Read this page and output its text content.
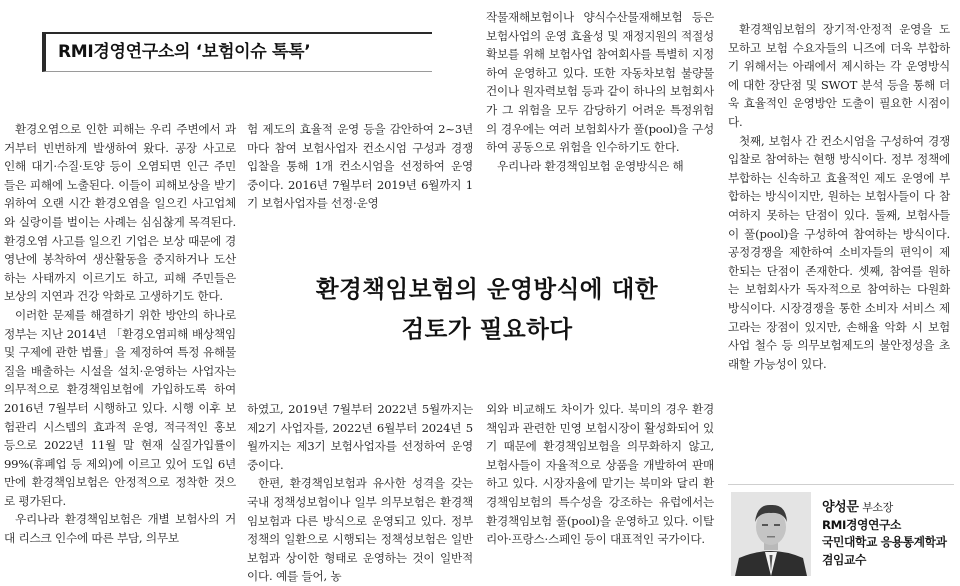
RMI경영연구소의 ‘보험이슈 톡톡’

환경오염으로 인한 피해는 우리 주변에서 과거부터 빈번하게 발생하여 왔다. 공장 사고로 인해 대기·수질·토양 등이 오염되면 인근 주민들은 피해에 노출된다. 이들이 피해보상을 받기 위하여 오랜 시간 환경오염을 일으킨 사고업체와 실랑이를 벌이는 사례는 심심찮게 목격된다. 환경오염 사고를 일으킨 기업은 보상 때문에 경영난에 봉착하여 생산활동을 중지하거나 도산하는 사태까지 이르기도 하고, 피해 주민들은 보상의 지연과 건강 악화로 고생하기도 한다.

이러한 문제를 해결하기 위한 방안의 하나로 정부는 지난 2014년 「환경오염피해 배상책임 및 구제에 관한 법률」을 제정하여 특정 유해물질을 배출하는 시설을 설치·운영하는 사업자는 의무적으로 환경책임보험에 가입하도록 하여 2016년 7월부터 시행하고 있다. 시행 이후 보험관리 시스템의 효과적 운영, 적극적인 홍보 등으로 2022년 11월 말 현재 실질가입률이 99%(휴폐업 등 제외)에 이르고 있어 도입 6년 만에 환경책임보험은 안정적으로 정착한 것으로 평가된다.

우리나라 환경책임보험은 개별 보험사의 거대 리스크 인수에 따른 부담, 의무보

험 제도의 효율적 운영 등을 감안하여 2~3년마다 참여 보험사업자 컨소시엄 구성과 경쟁입찰을 통해 1개 컨소시엄을 선정하여 운영 중이다. 2016년 7월부터 2019년 6월까지 1기 보험사업자를 선정·운영

작물재해보험이나 양식수산물재해보험 등은 보험사업의 운영 효율성 및 재정지원의 적절성 확보를 위해 보험사업 참여회사를 특별히 지정하여 운영하고 있다. 또한 자동차보험 불량물건이나 원자력보험 등과 같이 하나의 보험회사가 그 위험을 모두 감당하기 어려운 특정위험의 경우에는 여러 보험회사가 풀(pool)을 구성하여 공동으로 위험을 인수하기도 한다.

우리나라 환경책임보험 운영방식은 해

환경책임보험의 운영방식에 대한
검토가 필요하다

하였고, 2019년 7월부터 2022년 5월까지는 제2기 사업자를, 2022년 6월부터 2024년 5월까지는 제3기 보험사업자를 선정하여 운영 중이다.

한편, 환경책임보험과 유사한 성격을 갖는 국내 정책성보험이나 일부 의무보험은 환경책임보험과 다른 방식으로 운영되고 있다. 정부 정책의 일환으로 시행되는 정책성보험은 일반보험과 상이한 형태로 운영하는 것이 일반적이다. 예를 들어, 농

외와 비교해도 차이가 있다. 북미의 경우 환경책임과 관련한 민영 보험시장이 활성화되어 있기 때문에 환경책임보험을 의무화하지 않고, 보험사들이 자율적으로 상품을 개발하여 판매하고 있다. 시장자율에 맡기는 북미와 달리 환경책임보험의 특수성을 강조하는 유럽에서는 환경책임보험 풀(pool)을 운영하고 있다. 이탈리아·프랑스·스페인 등이 대표적인 국가이다.

환경책임보험의 장기적·안정적 운영을 도모하고 보험 수요자들의 니즈에 더욱 부합하기 위해서는 아래에서 제시하는 각 운영방식에 대한 장단점 및 SWOT 분석 등을 통해 더욱 효율적인 운영방안 도출이 필요한 시점이다.

첫째, 보험사 간 컨소시엄을 구성하여 경쟁입찰로 참여하는 현행 방식이다. 정부 정책에 부합하는 신속하고 효율적인 제도 운영에 부합하는 방식이지만, 원하는 보험사들이 다 참여하지 못하는 단점이 있다. 둘째, 보험사들이 풀(pool)을 구성하여 참여하는 방식이다. 공정경쟁을 제한하여 소비자들의 편익이 제한되는 단점이 존재한다. 셋째, 참여를 원하는 보험회사가 독자적으로 참여하는 다원화 방식이다. 시장경쟁을 통한 소비자 서비스 제고라는 장점이 있지만, 손해율 악화 시 보험사업 철수 등 의무보험제도의 불안정성을 초래할 가능성이 있다.

양성문 부소장
RMI경영연구소
국민대학교 응용통계학과
겸임교수
